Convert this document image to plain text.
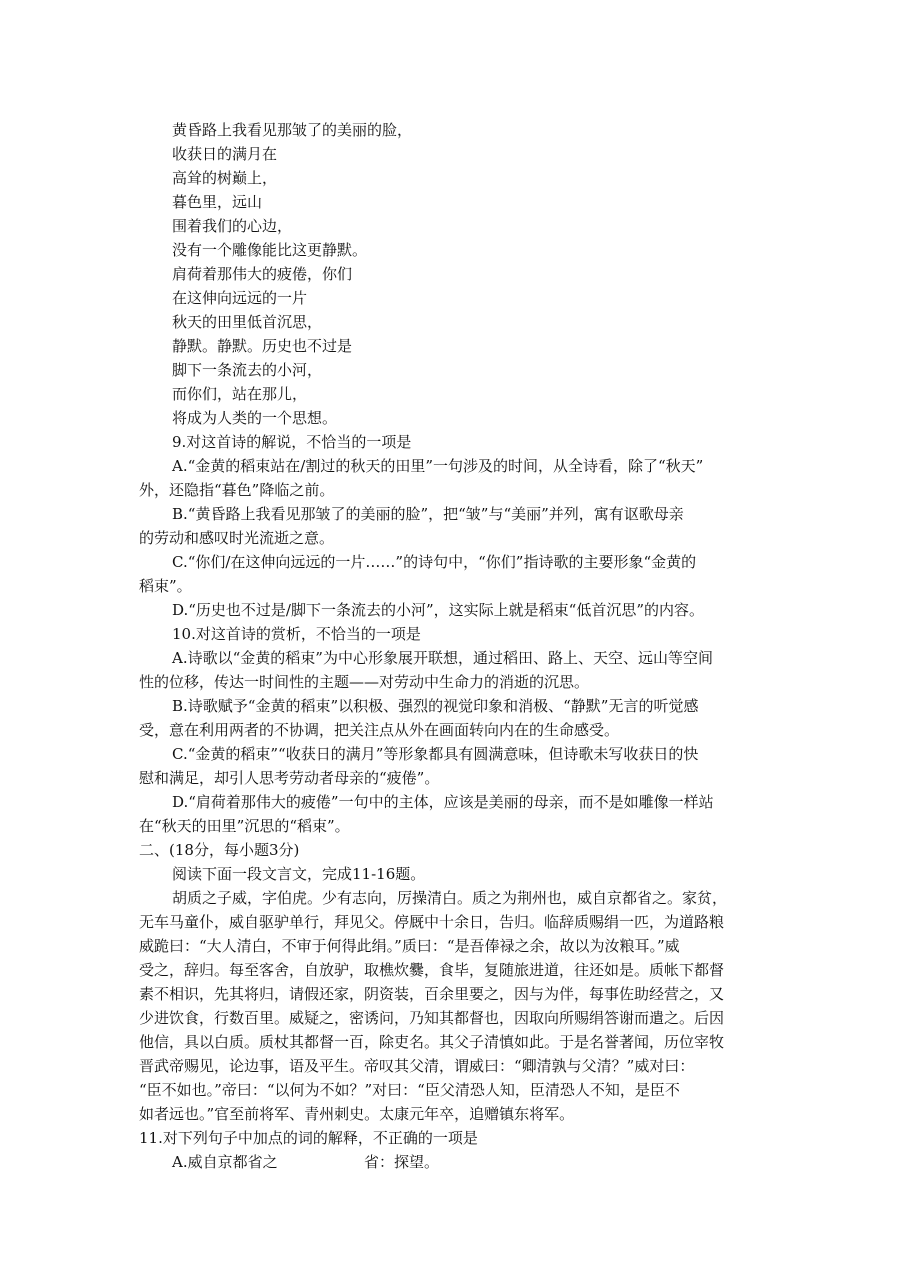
黄昏路上我看见那皱了的美丽的脸，
收获日的满月在
高耸的树巅上，
暮色里，远山
围着我们的心边，
没有一个雕像能比这更静默。
肩荷着那伟大的疲倦，你们
在这伸向远远的一片
秋天的田里低首沉思，
静默。静默。历史也不过是
脚下一条流去的小河，
而你们，站在那儿，
将成为人类的一个思想。
9.对这首诗的解说，不恰当的一项是
A.“金黄的稻束站在/割过的秋天的田里”一句涉及的时间，从全诗看，除了“秋天”
外，还隐指“暮色”降临之前。
B.“黄昏路上我看见那皱了的美丽的脸”，把“皱”与“美丽”并列，寓有讴歌母亲
的劳动和感叹时光流逝之意。
C.“你们/在这伸向远远的一片……”的诗句中，“你们”指诗歌的主要形象“金黄的
稻束”。
D.“历史也不过是/脚下一条流去的小河”，这实际上就是稻束“低首沉思”的内容。
10.对这首诗的赏析，不恰当的一项是
A.诗歌以“金黄的稻束”为中心形象展开联想，通过稻田、路上、天空、远山等空间
性的位移，传达一时间性的主题——对劳动中生命力的消逝的沉思。
B.诗歌赋予“金黄的稻束”以积极、强烈的视觉印象和消极、“静默”无言的听觉感
受，意在利用两者的不协调，把关注点从外在画面转向内在的生命感受。
C.“金黄的稻束”“收获日的满月”等形象都具有圆满意味，但诗歌未写收获日的快
慰和满足，却引人思考劳动者母亲的“疲倦”。
D.“肩荷着那伟大的疲倦”一句中的主体，应该是美丽的母亲，而不是如雕像一样站
在“秋天的田里”沉思的“稻束”。
二、(18分，每小题3分)
阅读下面一段文言文，完成11-16题。
胡质之子威，字伯虎。少有志向，厉操清白。质之为荆州也，威自京都省之。家贫，
无车马童仆，威自驱驴单行，拜见父。停厩中十余日，告归。临辞质赐绢一匹，为道路粮
威跪曰：“大人清白，不审于何得此绢。”质曰：“是吾俸禄之余，故以为汝粮耳。”威
受之，辞归。每至客舍，自放驴，取樵炊爨，食毕，复随旅进道，往还如是。质帐下都督
素不相识，先其将归，请假还家，阴资装，百余里要之，因与为伴，每事佐助经营之，又
少进饮食，行数百里。威疑之，密诱问，乃知其都督也，因取向所赐绢答谢而遣之。后因
他信，具以白质。质杖其都督一百，除吏名。其父子清慎如此。于是名誉著闻，历位宰牧
晋武帝赐见，论边事，语及平生。帝叹其父清，谓威曰：“卿清孰与父清？”威对曰：
“臣不如也。”帝曰：“以何为不如？”对曰：“臣父清恐人知，臣清恐人不知，是臣不
如者远也。”官至前将军、青州刺史。太康元年卒，追赠镇东将军。
11.对下列句子中加点的词的解释，不正确的一项是
A.威自京都省之	省：探望。
